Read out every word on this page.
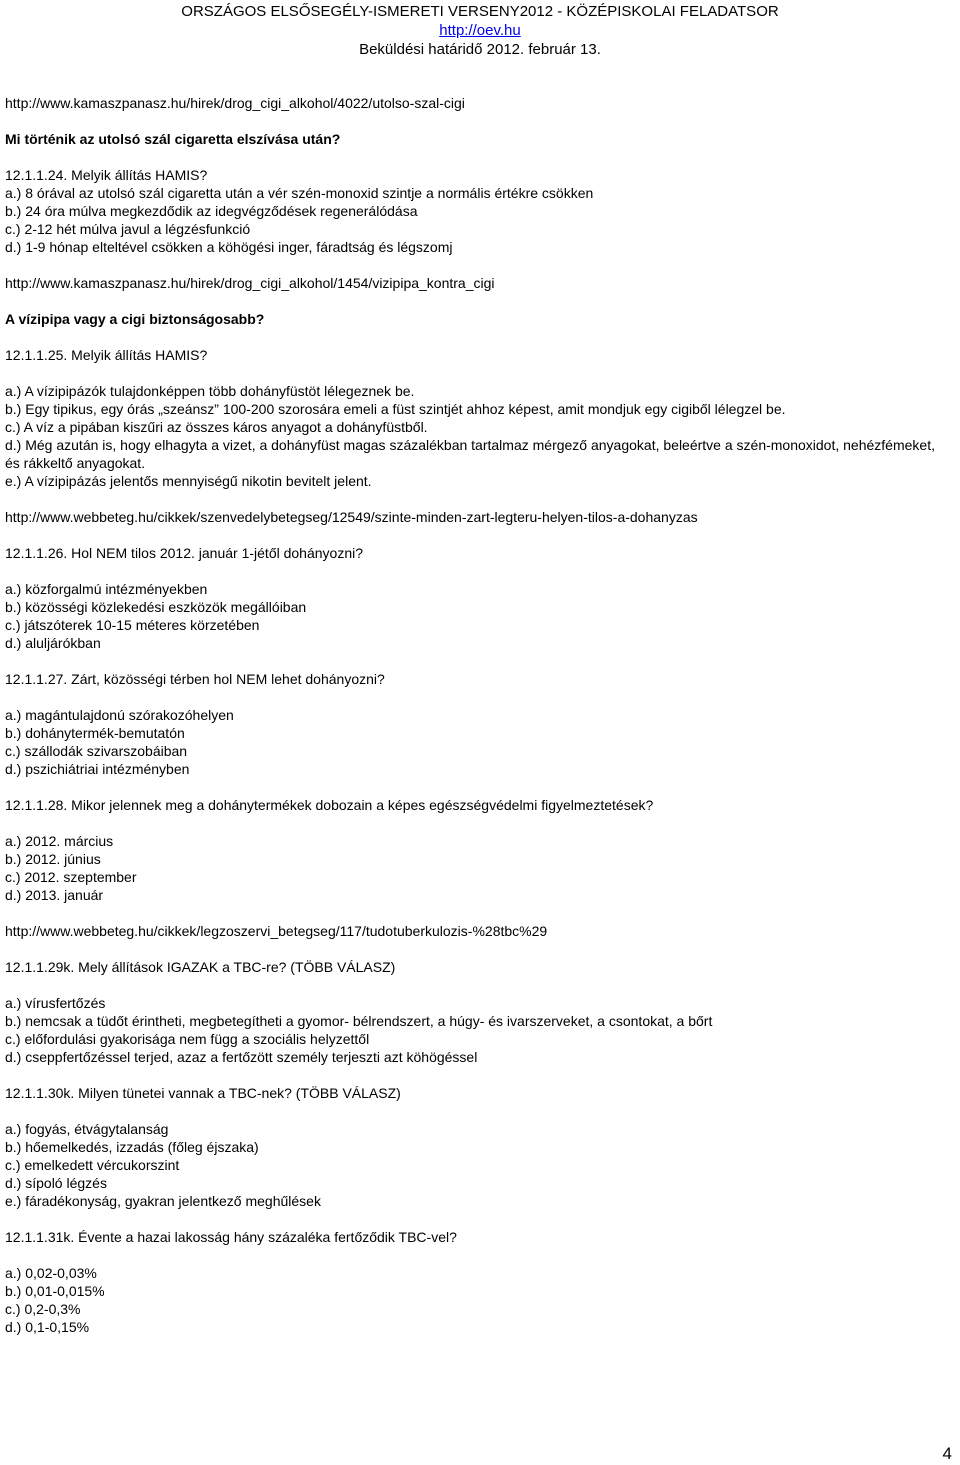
ORSZÁGOS ELSŐSEGÉLY-ISMERETI VERSENY2012 - KÖZÉPISKOLAI FELADATSOR
http://oev.hu
Beküldési határidő 2012. február 13.
http://www.kamaszpanasz.hu/hirek/drog_cigi_alkohol/4022/utolso-szal-cigi
Mi történik az utolsó szál cigaretta elszívása után?
12.1.1.24. Melyik állítás HAMIS?
a.) 8 órával az utolsó szál cigaretta után a vér szén-monoxid szintje a normális értékre csökken
b.) 24 óra múlva megkezdődik az idegvégződések regenerálódása
c.) 2-12 hét múlva javul a légzésfunkció
d.) 1-9 hónap elteltével csökken a köhögési inger, fáradtság és légszomj
http://www.kamaszpanasz.hu/hirek/drog_cigi_alkohol/1454/vizipipa_kontra_cigi
A vízipipa vagy a cigi biztonságosabb?
12.1.1.25. Melyik állítás HAMIS?
a.) A vízipipázók tulajdonképpen több dohányfüstöt lélegeznek be.
b.) Egy tipikus, egy órás „szeánsz” 100-200 szorosára emeli a füst szintjét ahhoz képest, amit mondjuk egy cigiből lélegzel be.
c.) A víz a pipában kiszűri az összes káros anyagot a dohányfüstből.
d.) Még azután is, hogy elhagyta a vizet, a dohányfüst magas százalékban tartalmaz mérgező anyagokat, beleértve a szén-monoxidot, nehézfémeket, és rákkeltő anyagokat.
e.) A vízipipázás jelentős mennyiségű nikotin bevitelt jelent.
http://www.webbeteg.hu/cikkek/szenvedelybetegseg/12549/szinte-minden-zart-legteru-helyen-tilos-a-dohanyzas
12.1.1.26. Hol NEM tilos 2012. január 1-jétől dohányozni?
a.) közforgalmú intézményekben
b.) közösségi közlekedési eszközök megállóiban
c.) játszóterek 10-15 méteres körzetében
d.) aluljárókban
12.1.1.27. Zárt, közösségi térben hol NEM lehet dohányozni?
a.) magántulajdonú szórakozóhelyen
b.) dohánytermék-bemutatón
c.) szállodák szivarszobáiban
d.) pszichiátriai intézményben
12.1.1.28. Mikor jelennek meg a dohánytermékek dobozain a képes egészségvédelmi figyelmeztetések?
a.) 2012. március
b.) 2012. június
c.) 2012. szeptember
d.) 2013. január
http://www.webbeteg.hu/cikkek/legzoszervi_betegseg/117/tudotuberkulozis-%28tbc%29
12.1.1.29k. Mely állítások IGAZAK a TBC-re? (TÖBB VÁLASZ)
a.) vírusfertőzés
b.) nemcsak a tüdőt érintheti, megbetegítheti a gyomor- bélrendszert, a húgy- és ivarszerveket, a csontokat, a bőrt
c.) előfordulási gyakorisága nem függ a szociális helyzettől
d.) cseppfertőzéssel terjed, azaz a fertőzött személy terjeszti azt köhögéssel
12.1.1.30k. Milyen tünetei vannak a TBC-nek? (TÖBB VÁLASZ)
a.) fogyás, étvágytalanság
b.) hőemelkedés, izzadás (főleg éjszaka)
c.) emelkedett vércukorszint
d.) sípoló légzés
e.) fáradékonyság, gyakran jelentkező meghűlések
12.1.1.31k. Évente a hazai lakosság hány százaléka fertőződik TBC-vel?
a.) 0,02-0,03%
b.) 0,01-0,015%
c.) 0,2-0,3%
d.) 0,1-0,15%
4
